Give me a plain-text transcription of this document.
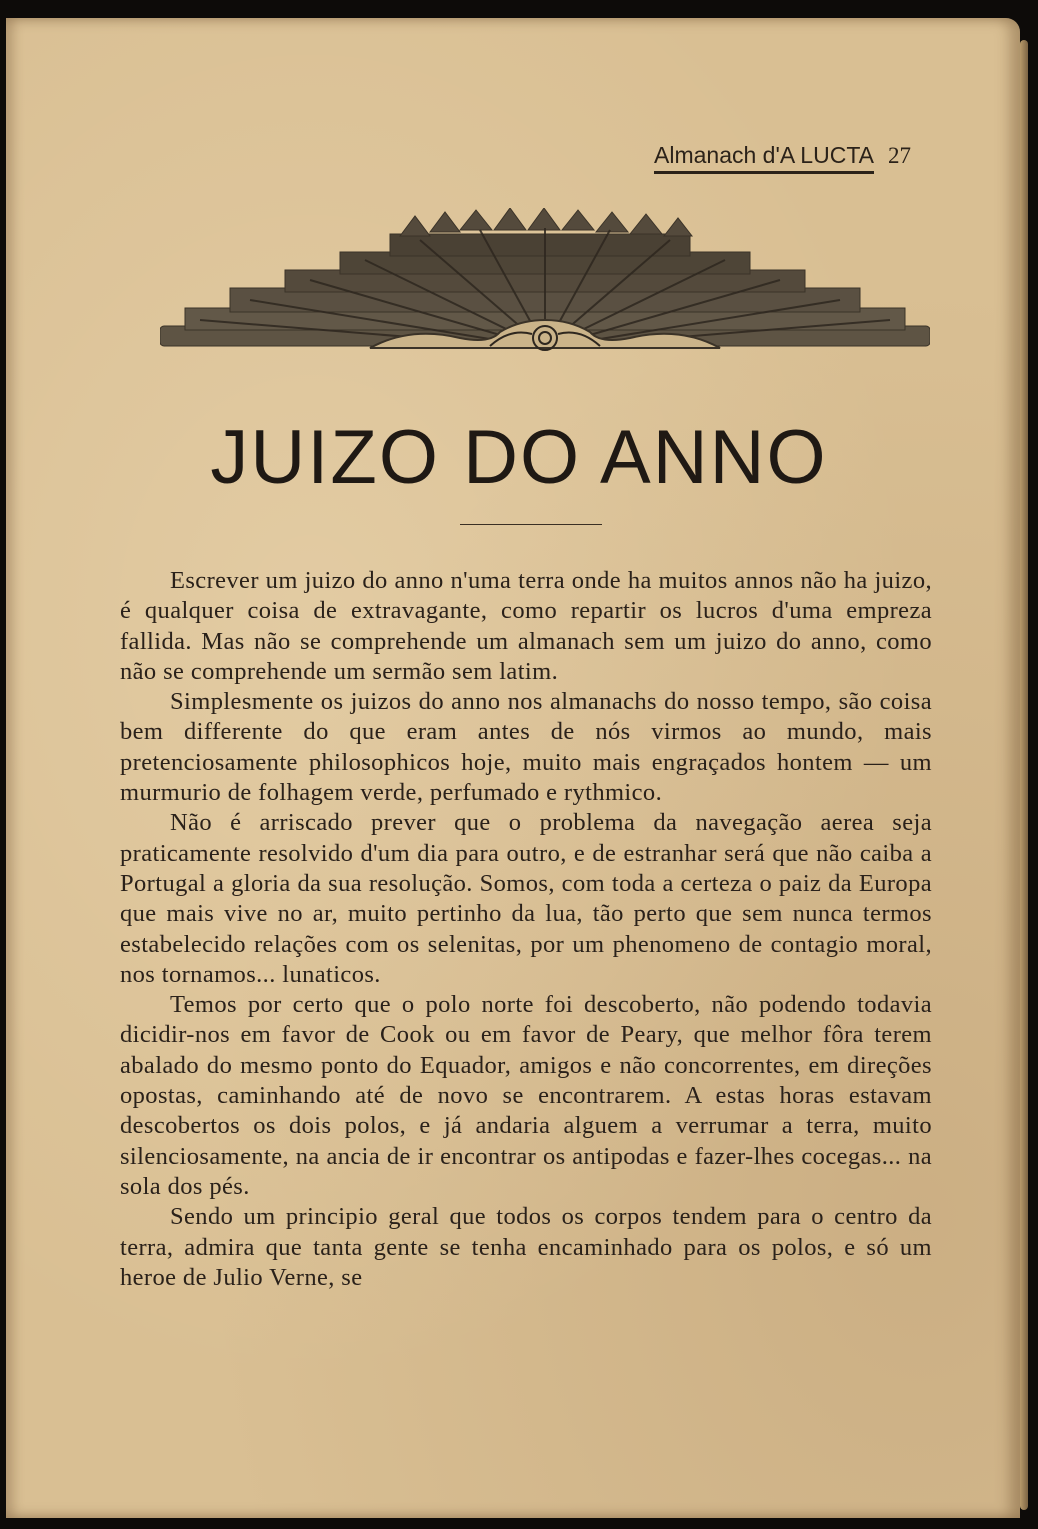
Almanach d'A LUCTA 27
JUIZO DO ANNO

Escrever um juizo do anno n'uma terra onde ha muitos annos não ha juizo, é qualquer coisa de extravagante, como repartir os lucros d'uma empreza fallida. Mas não se comprehende um almanach sem um juizo do anno, como não se comprehende um sermão sem latim.

Simplesmente os juizos do anno nos almanachs do nosso tempo, são coisa bem differente do que eram antes de nós virmos ao mundo, mais pretenciosamente philosophicos hoje, muito mais engraçados hontem — um murmurio de folhagem verde, perfumado e rythmico.

Não é arriscado prever que o problema da navegação aerea seja praticamente resolvido d'um dia para outro, e de estranhar será que não caiba a Portugal a gloria da sua resolução. Somos, com toda a certeza o paiz da Europa que mais vive no ar, muito pertinho da lua, tão perto que sem nunca termos estabelecido relações com os selenitas, por um phenomeno de contagio moral, nos tornamos... lunaticos.

Temos por certo que o polo norte foi descoberto, não podendo todavia dicidir-nos em favor de Cook ou em favor de Peary, que melhor fôra terem abalado do mesmo ponto do Equador, amigos e não concorrentes, em direções opostas, caminhando até de novo se encontrarem. A estas horas estavam descobertos os dois polos, e já andaria alguem a verrumar a terra, muito silenciosamente, na ancia de ir encontrar os antipodas e fazer-lhes cocegas... na sola dos pés.

Sendo um principio geral que todos os corpos tendem para o centro da terra, admira que tanta gente se tenha encaminhado para os polos, e só um heroe de Julio Verne, se
